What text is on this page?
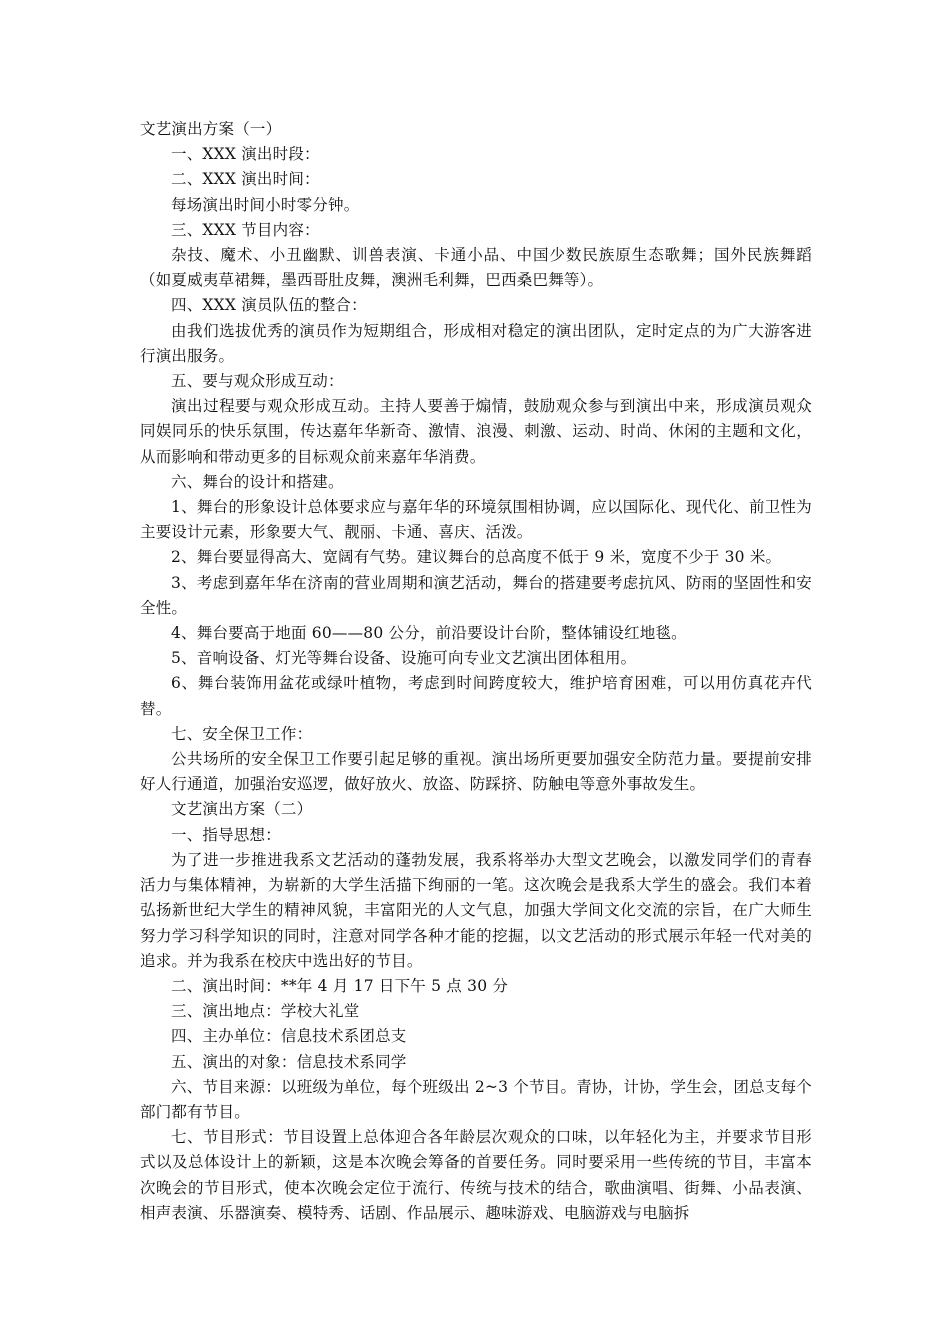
文艺演出方案（一）

一、XXX 演出时段：

二、XXX 演出时间：

每场演出时间小时零分钟。

三、XXX 节目内容：

杂技、魔术、小丑幽默、训兽表演、卡通小品、中国少数民族原生态歌舞；国外民族舞蹈（如夏威夷草裙舞，墨西哥肚皮舞，澳洲毛利舞，巴西桑巴舞等）。

四、XXX 演员队伍的整合：

由我们选拔优秀的演员作为短期组合，形成相对稳定的演出团队，定时定点的为广大游客进行演出服务。

五、要与观众形成互动：

演出过程要与观众形成互动。主持人要善于煽情，鼓励观众参与到演出中来，形成演员观众同娱同乐的快乐氛围，传达嘉年华新奇、激情、浪漫、刺激、运动、时尚、休闲的主题和文化，从而影响和带动更多的目标观众前来嘉年华消费。

六、舞台的设计和搭建。

1、舞台的形象设计总体要求应与嘉年华的环境氛围相协调，应以国际化、现代化、前卫性为主要设计元素，形象要大气、靓丽、卡通、喜庆、活泼。

2、舞台要显得高大、宽阔有气势。建议舞台的总高度不低于 9 米，宽度不少于 30 米。

3、考虑到嘉年华在济南的营业周期和演艺活动，舞台的搭建要考虑抗风、防雨的坚固性和安全性。

4、舞台要高于地面 60——80 公分，前沿要设计台阶，整体铺设红地毯。

5、音响设备、灯光等舞台设备、设施可向专业文艺演出团体租用。

6、舞台装饰用盆花或绿叶植物，考虑到时间跨度较大，维护培育困难，可以用仿真花卉代替。

七、安全保卫工作：

公共场所的安全保卫工作要引起足够的重视。演出场所更要加强安全防范力量。要提前安排好人行通道，加强治安巡逻，做好放火、放盗、防踩挤、防触电等意外事故发生。

文艺演出方案（二）

一、指导思想：

为了进一步推进我系文艺活动的蓬勃发展，我系将举办大型文艺晚会，以激发同学们的青春活力与集体精神，为崭新的大学生活描下绚丽的一笔。这次晚会是我系大学生的盛会。我们本着弘扬新世纪大学生的精神风貌，丰富阳光的人文气息，加强大学间文化交流的宗旨，在广大师生努力学习科学知识的同时，注意对同学各种才能的挖掘，以文艺活动的形式展示年轻一代对美的追求。并为我系在校庆中选出好的节目。

二、演出时间：**年 4 月 17 日下午 5 点 30 分

三、演出地点：学校大礼堂

四、主办单位：信息技术系团总支

五、演出的对象：信息技术系同学

六、节目来源：以班级为单位，每个班级出 2~3 个节目。青协，计协，学生会，团总支每个部门都有节目。

七、节目形式：节目设置上总体迎合各年龄层次观众的口味，以年轻化为主，并要求节目形式以及总体设计上的新颖，这是本次晚会筹备的首要任务。同时要采用一些传统的节目，丰富本次晚会的节目形式，使本次晚会定位于流行、传统与技术的结合，歌曲演唱、街舞、小品表演、相声表演、乐器演奏、模特秀、话剧、作品展示、趣味游戏、电脑游戏与电脑拆
